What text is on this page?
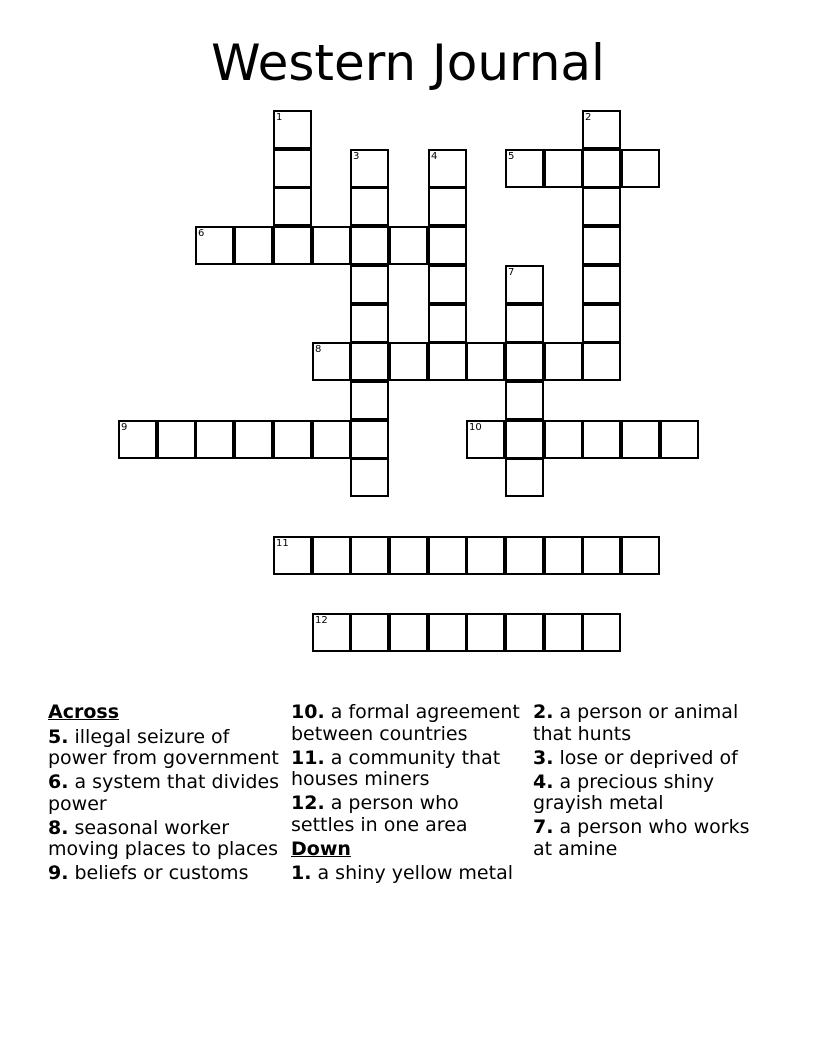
Western Journal
1	2
3	4	5
6
7
8
9	10
11
12
Across
5. illegal seizure of power from government
6. a system that divides power
8. seasonal worker moving places to places
9. beliefs or customs
10. a formal agreement between countries
11. a community that houses miners
12. a person who settles in one area
Down
1. a shiny yellow metal
2. a person or animal that hunts
3. lose or deprived of
4. a precious shiny grayish metal
7. a person who works at amine
